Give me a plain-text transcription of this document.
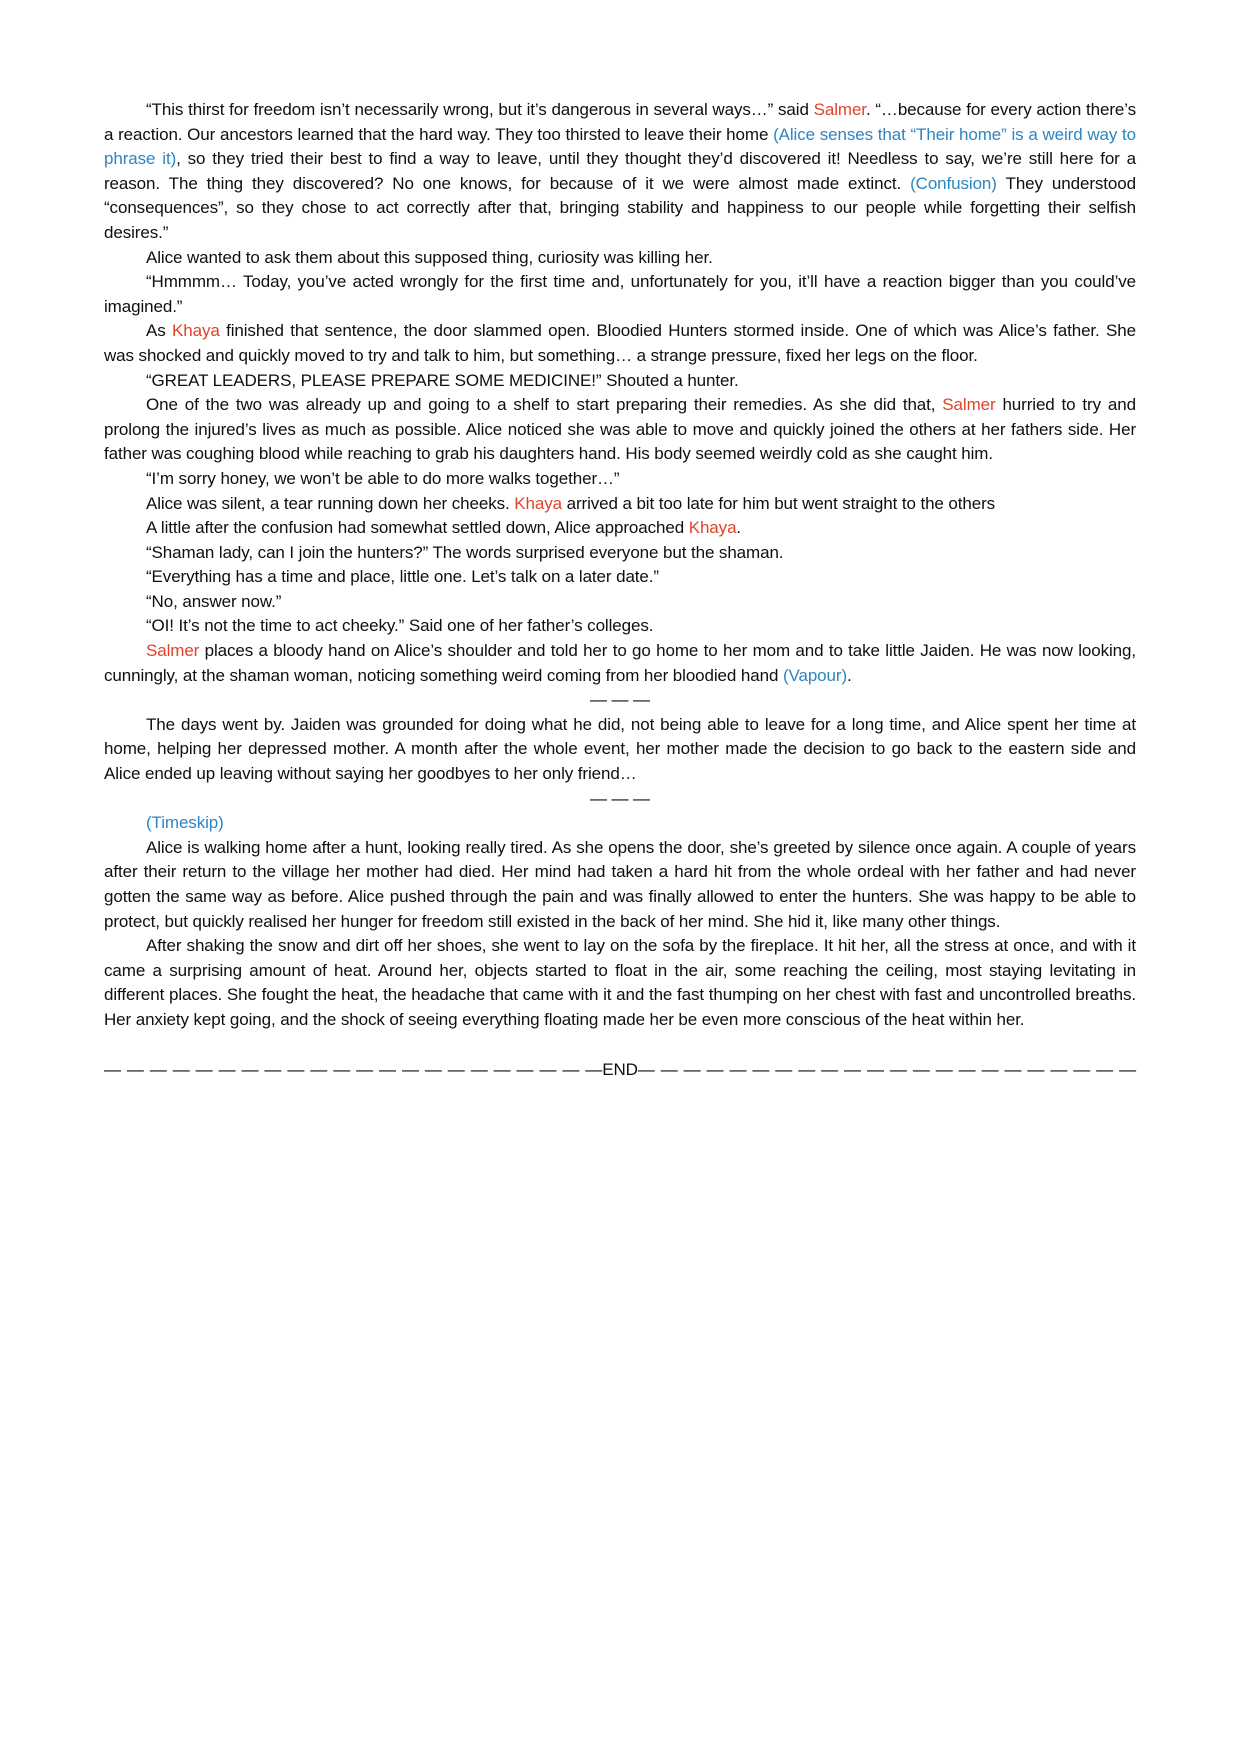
“This thirst for freedom isn’t necessarily wrong, but it’s dangerous in several ways…” said Salmer. “…because for every action there’s a reaction. Our ancestors learned that the hard way. They too thirsted to leave their home (Alice senses that “Their home” is a weird way to phrase it), so they tried their best to find a way to leave, until they thought they’d discovered it! Needless to say, we’re still here for a reason. The thing they discovered? No one knows, for because of it we were almost made extinct. (Confusion) They understood “consequences”, so they chose to act correctly after that, bringing stability and happiness to our people while forgetting their selfish desires.”

Alice wanted to ask them about this supposed thing, curiosity was killing her.

“Hmmmm… Today, you’ve acted wrongly for the first time and, unfortunately for you, it’ll have a reaction bigger than you could’ve imagined.”

As Khaya finished that sentence, the door slammed open. Bloodied Hunters stormed inside. One of which was Alice’s father. She was shocked and quickly moved to try and talk to him, but something… a strange pressure, fixed her legs on the floor.

“GREAT LEADERS, PLEASE PREPARE SOME MEDICINE!” Shouted a hunter.

One of the two was already up and going to a shelf to start preparing their remedies. As she did that, Salmer hurried to try and prolong the injured’s lives as much as possible. Alice noticed she was able to move and quickly joined the others at her fathers side. Her father was coughing blood while reaching to grab his daughters hand. His body seemed weirdly cold as she caught him.

“I’m sorry honey, we won’t be able to do more walks together…”

Alice was silent, a tear running down her cheeks. Khaya arrived a bit too late for him but went straight to the others

A little after the confusion had somewhat settled down, Alice approached Khaya.

“Shaman lady, can I join the hunters?” The words surprised everyone but the shaman.

“Everything has a time and place, little one. Let’s talk on a later date.”

“No, answer now.”

“OI! It’s not the time to act cheeky.” Said one of her father’s colleges.

Salmer places a bloody hand on Alice’s shoulder and told her to go home to her mom and to take little Jaiden. He was now looking, cunningly, at the shaman woman, noticing something weird coming from her bloodied hand (Vapour).

— — —

The days went by. Jaiden was grounded for doing what he did, not being able to leave for a long time, and Alice spent her time at home, helping her depressed mother. A month after the whole event, her mother made the decision to go back to the eastern side and Alice ended up leaving without saying her goodbyes to her only friend…

— — —

(Timeskip)

Alice is walking home after a hunt, looking really tired. As she opens the door, she’s greeted by silence once again. A couple of years after their return to the village her mother had died. Her mind had taken a hard hit from the whole ordeal with her father and had never gotten the same way as before. Alice pushed through the pain and was finally allowed to enter the hunters. She was happy to be able to protect, but quickly realised her hunger for freedom still existed in the back of her mind. She hid it, like many other things.

After shaking the snow and dirt off her shoes, she went to lay on the sofa by the fireplace. It hit her, all the stress at once, and with it came a surprising amount of heat. Around her, objects started to float in the air, some reaching the ceiling, most staying levitating in different places. She fought the heat, the headache that came with it and the fast thumping on her chest with fast and uncontrolled breaths. Her anxiety kept going, and the shock of seeing everything floating made her be even more conscious of the heat within her.

— — — — — — — — — — — — — — — — — — — — — —END— — — — — — — — — — — — — — — — — — — — — —
